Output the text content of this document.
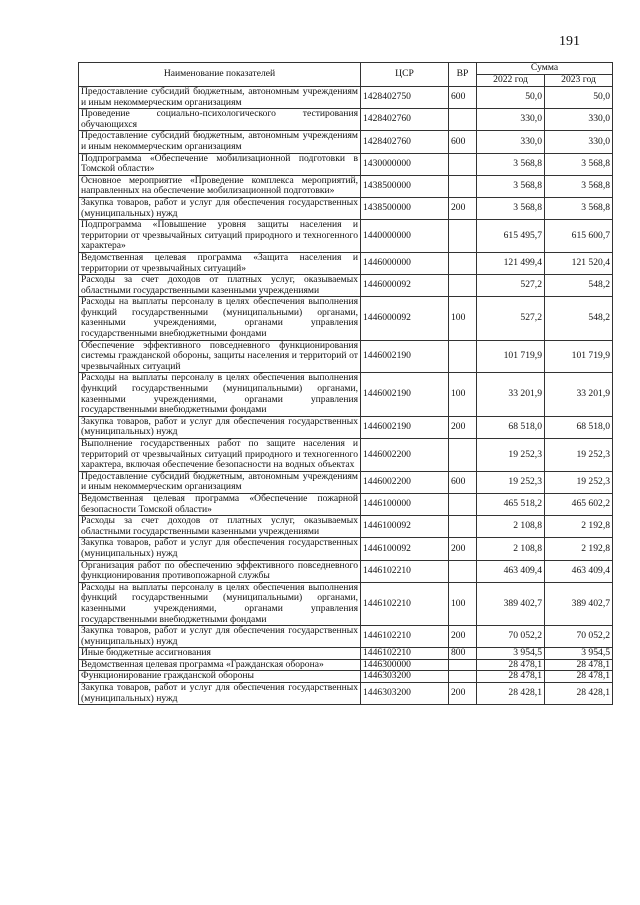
191
Наименование показателей	ЦСР	ВР	Сумма	
			2022 год	2023 год
Предоставление субсидий бюджетным, автономным учреждениям и иным некоммерческим организациям	1428402750	600	50,0	50,0
Проведение социально-психологического тестирования обучающихся	1428402760		330,0	330,0
Предоставление субсидий бюджетным, автономным учреждениям и иным некоммерческим организациям	1428402760	600	330,0	330,0
Подпрограмма «Обеспечение мобилизационной подготовки в Томской области»	1430000000		3 568,8	3 568,8
Основное мероприятие «Проведение комплекса мероприятий, направленных на обеспечение мобилизационной подготовки»	1438500000		3 568,8	3 568,8
Закупка товаров, работ и услуг для обеспечения государственных (муниципальных) нужд	1438500000	200	3 568,8	3 568,8
Подпрограмма «Повышение уровня защиты населения и территории от чрезвычайных ситуаций природного и техногенного характера»	1440000000		615 495,7	615 600,7
Ведомственная целевая программа «Защита населения и территории от чрезвычайных ситуаций»	1446000000		121 499,4	121 520,4
Расходы за счет доходов от платных услуг, оказываемых областными государственными казенными учреждениями	1446000092		527,2	548,2
Расходы на выплаты персоналу в целях обеспечения выполнения функций государственными (муниципальными) органами, казенными учреждениями, органами управления государственными внебюджетными фондами	1446000092	100	527,2	548,2
Обеспечение эффективного повседневного функционирования системы гражданской обороны, защиты населения и территорий от чрезвычайных ситуаций	1446002190		101 719,9	101 719,9
Расходы на выплаты персоналу в целях обеспечения выполнения функций государственными (муниципальными) органами, казенными учреждениями, органами управления государственными внебюджетными фондами	1446002190	100	33 201,9	33 201,9
Закупка товаров, работ и услуг для обеспечения государственных (муниципальных) нужд	1446002190	200	68 518,0	68 518,0
Выполнение государственных работ по защите населения и территорий от чрезвычайных ситуаций природного и техногенного характера, включая обеспечение безопасности на водных объектах	1446002200		19 252,3	19 252,3
Предоставление субсидий бюджетным, автономным учреждениям и иным некоммерческим организациям	1446002200	600	19 252,3	19 252,3
Ведомственная целевая программа «Обеспечение пожарной безопасности Томской области»	1446100000		465 518,2	465 602,2
Расходы за счет доходов от платных услуг, оказываемых областными государственными казенными учреждениями	1446100092		2 108,8	2 192,8
Закупка товаров, работ и услуг для обеспечения государственных (муниципальных) нужд	1446100092	200	2 108,8	2 192,8
Организация работ по обеспечению эффективного повседневного функционирования противопожарной службы	1446102210		463 409,4	463 409,4
Расходы на выплаты персоналу в целях обеспечения выполнения функций государственными (муниципальными) органами, казенными учреждениями, органами управления государственными внебюджетными фондами	1446102210	100	389 402,7	389 402,7
Закупка товаров, работ и услуг для обеспечения государственных (муниципальных) нужд	1446102210	200	70 052,2	70 052,2
Иные бюджетные ассигнования	1446102210	800	3 954,5	3 954,5
Ведомственная целевая программа «Гражданская оборона»	1446300000		28 478,1	28 478,1
Функционирование гражданской обороны	1446303200		28 478,1	28 478,1
Закупка товаров, работ и услуг для обеспечения государственных (муниципальных) нужд	1446303200	200	28 428,1	28 428,1
